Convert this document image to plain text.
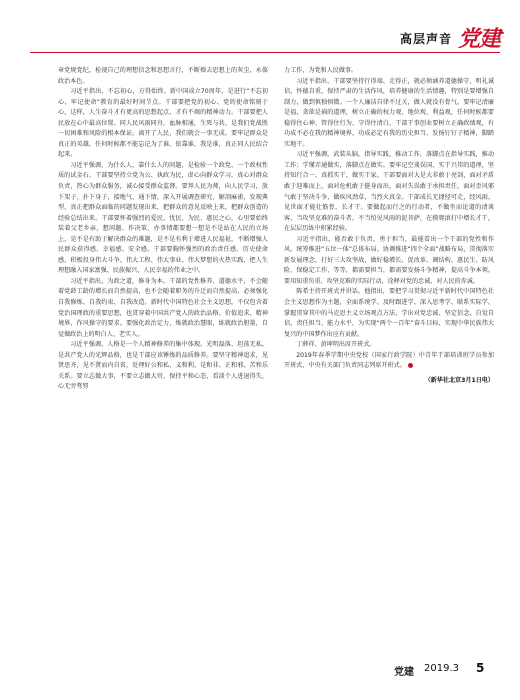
高层声音 党建

章党规党纪，检视自己的理想信念和思想言行，不断掸去思想上的灰尘，永葆政治本色。

习近平指出，不忘初心，方得始终。新中国成立70周年，是进行“不忘初心、牢记使命”教育的最好时间节点。干部要把党的初心、党的使命铭刻于心，这样，人生奋斗才有更高的思想起点，才有不竭的精神动力。干部要把人民放在心中最高位置。同人民风雨同舟，血脉相通，生死与共，是我们党战胜一切困难和风险的根本保证。离开了人民，我们就会一事无成。要牢记群众是真正的英雄，任何时候都不能忘记为了谁、依靠谁、我是谁，真正同人民结合起来。

习近平强调，为什么人、靠什么人的问题，是检验一个政党、一个政权性质的试金石。干部要坚持立党为公、执政为民，虚心向群众学习，真心对群众负责，热心为群众服务，诚心接受群众监督。要拜人民为师，向人民学习，放下架子、扑下身子，接地气、通下情，深入开展调查研究，解剖麻雀，发现典型，真正把群众面临的问题发现出来，把群众的意见反映上来，把群众创造的经验总结出来。干部要怀着强烈的爱民、忧民、为民、惠民之心，心里要始终装着父老乡亲，想问题、作决策、办事情都要想一想是不是站在人民的立场上，是不是有助于解决群众的难题，是不是有利于增进人民福祉，不断增强人民群众获得感、幸福感、安全感。干部要胸怀强烈的政治责任感、历史使命感，积极投身伟大斗争、伟大工程、伟大事业、伟大梦想的火热实践，把人生理想融入国家富强、民族振兴、人民幸福的伟业之中。

习近平指出，为政之道，修身为本。干部的党性修养、道德水平，不会随着党龄工龄的增长而自然提高，也不会随着职务的升迁而自然提高，必须强化自我修炼、自我约束、自我改造。新时代中国特色社会主义思想，不仅包含着党治国理政的重要思想，也贯穿着中国共产党人的政治品格、价值追求、精神境界、作风操守的要求。要强化政治定力，炼就政治慧眼，练就政治胆量，自觉做政治上的明白人、老实人。

习近平强调，人格是一个人精神修养的集中体现。光明磊落、坦荡无私，是共产党人的光辉品格，也是干部应该锤炼的品质修养。要坚守精神追求，见贤思齐，见不贤而内自省，处理好公和私、义和利、是和非、正和邪、苦和乐关系。要立志做大事，不要立志做大官，保持平和心态，看淡个人进退得失，心无旁骛努

力工作，为党和人民做事。

习近平指出，干部要坚持行得端、走得正，就必须涵养道德操守，明礼诚信，怀德自重，保持严肃的生活作风，培养健康的生活情趣，特别是要增强自制力，做到慎独慎微。一个人廉洁自律不过关，做人就没有骨气。要牢记清廉是福，贪欲是祸的道理，树立正确的权力观、地位观、利益观，任何时候都要稳得住心神、管得住行为、守得住清白。干部干事创业要树立正确政绩观，有功成不必在我的精神境界，功成必定有我的历史担当，发扬钉钉子精神，脚踏实地干。

习近平强调，武装头脑，指导实践，推动工作，落脚点在指导实践，推动工作；学懂弄通做实，落脚点在做实。要牢记空谈误国、实干兴邦的道理，坚持知行合一、真抓实干、做实干家。干部要面对大是大非敢于亮剑，面对矛盾敢于迎难而上，面对危机敢于挺身而出，面对失误敢于承担责任，面对歪风邪气敢于坚决斗争，做疾风劲草，当烈火真金。干部成长无捷径可走，经风雨、见世面才能壮筋骨、长才干。要做起而行之的行动者，不做坐而论道的清谈客，当攻坚克难的奋斗者，不当怕见风雨的泥菩萨，在摸爬滚打中增长才干，在层层历练中积累经验。

习近平指出，能否敢于负责、勇于担当，最能看出一个干部的党性和作风。统筹推进“五位一体”总体布局、协调推进“四个全面”战略布局，贯彻落实新发展理念，打好三大攻坚战，做好稳增长、促改革、调结构、惠民生、防风险、保稳定工作，等等，都需要担当，都需要发扬斗争精神，提高斗争本领。要用知重负重、攻坚克难的实际行动，诠释对党的忠诚、对人民的赤诚。

陈希主持开班式并讲话。他指出，要把学习贯彻习近平新时代中国特色社会主义思想作为主题，全面系统学、及时跟进学、深入思考学、联系实际学，掌握贯穿其中的马克思主义立场观点方法，学出对党忠诚、坚定信念、自觉自信，责任担当、能力水平，为实现“两个一百年”奋斗目标、实现中华民族伟大复兴的中国梦作出应有贡献。

丁薛祥、黄坤明出席开班式。

2019年春季学期中央党校（国家行政学院）中青年干部培训班学员参加开班式，中央有关部门负责同志列席开班式。

（新华社北京3月1日电）

党建 2019.3 5
